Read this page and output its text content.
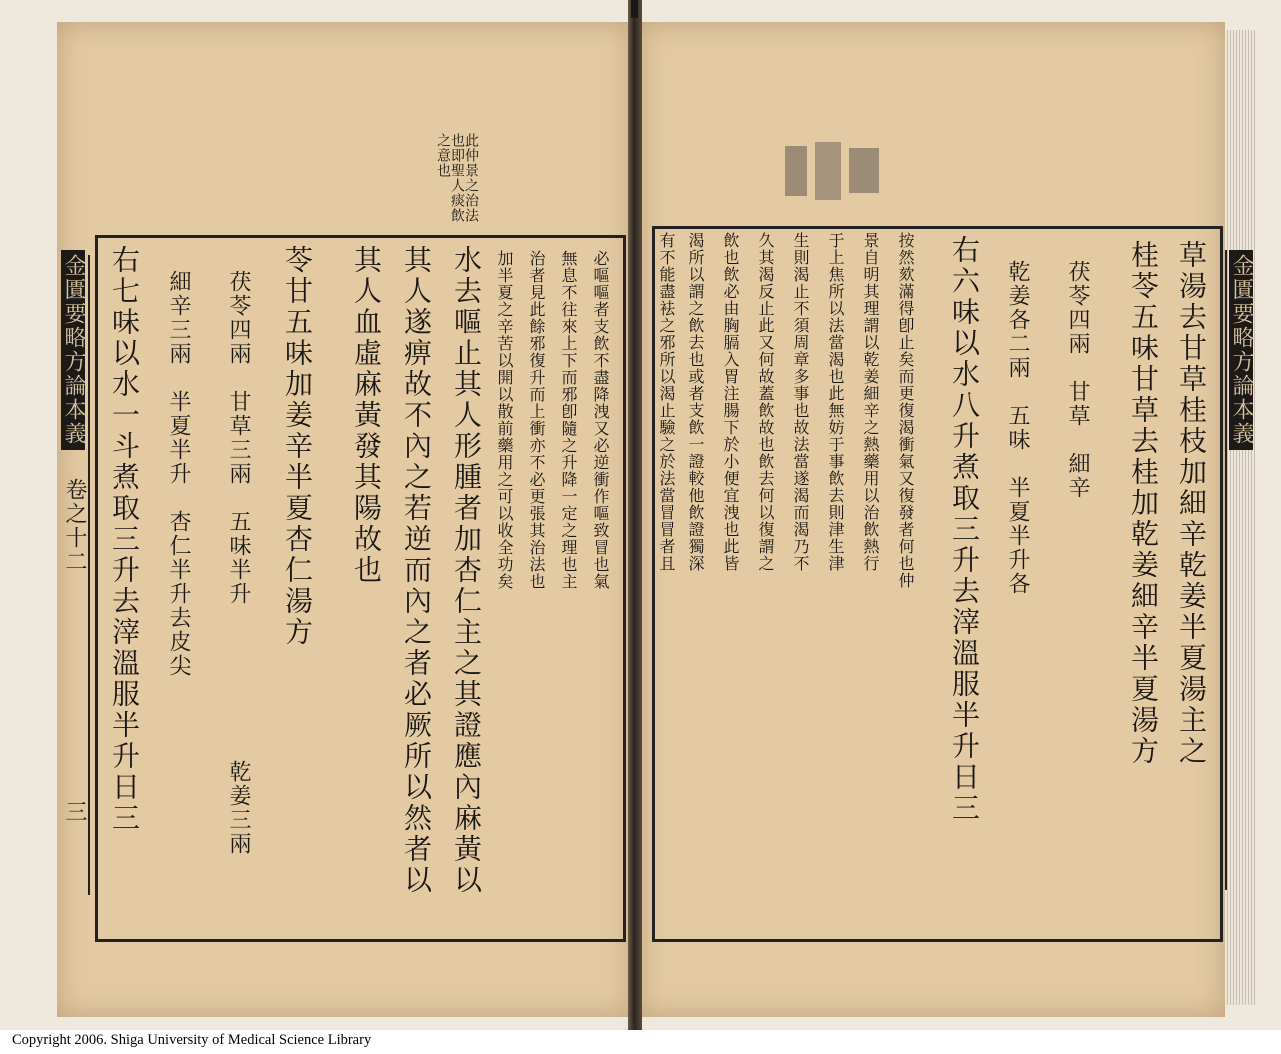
金匱要略方論本義
金匱要略方論本義
卷之十二
三
此仲景之治法也即聖人痰飲之意也
草湯去甘草桂枝加細辛乾姜半夏湯主之
桂苓五味甘草去桂加乾姜細辛半夏湯方
茯苓四兩　甘草　細辛
乾姜各二兩　五味　半夏半升各
右六味以水八升煮取三升去滓溫服半升日三
按然欬滿得卽止矣而更復渴衝氣又復發者何也仲
景自明其理謂以乾姜細辛之熱藥用以治飲熱行
于上焦所以法當渴也此無妨于事飲去則津生津
生則渴止不須周章多事也故法當遂渴而渴乃不
久其渴反止此又何故蓋飲故也飲去何以復謂之
飲也飲必由胸膈入胃注腸下於小便宜洩也此皆
渴所以謂之飲去也或者支飲一證較他飲證獨深
有不能盡袪之邪所以渴止驗之於法當冒冒者且
必嘔嘔者支飲不盡降洩又必逆衝作嘔致冒也氣
無息不往來上下而邪卽隨之升降一定之理也主
治者見此餘邪復升而上衝亦不必更張其治法也
加半夏之辛苦以開以散前藥用之可以收全功矣
水去嘔止其人形腫者加杏仁主之其證應內麻黃以
其人遂痹故不內之若逆而內之者必厥所以然者以
其人血虛麻黃發其陽故也
苓甘五味加姜辛半夏杏仁湯方
茯苓四兩　甘草三兩　五味半升
細辛三兩　半夏半升　杏仁半升去皮尖
乾姜三兩
右七味以水一斗煮取三升去滓溫服半升日三
Copyright 2006. Shiga University of Medical Science Library
